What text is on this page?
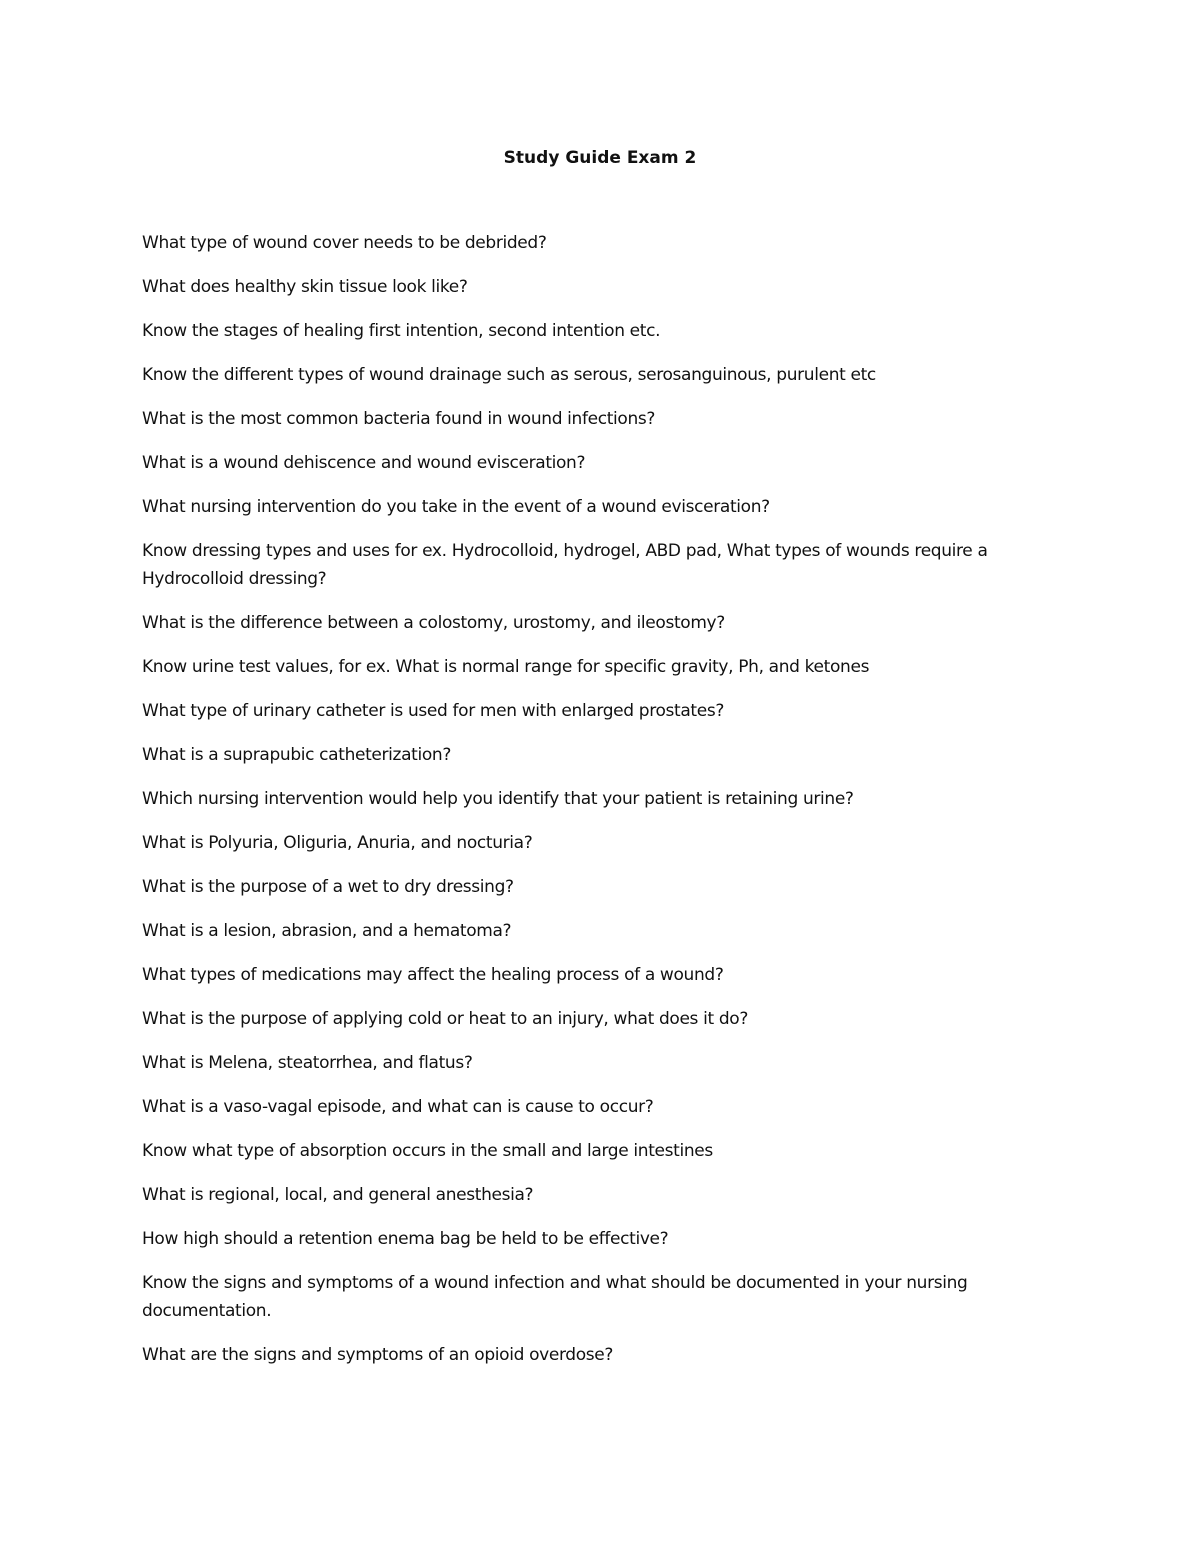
Study Guide Exam 2
What type of wound cover needs to be debrided?
What does healthy skin tissue look like?
Know the stages of healing first intention, second intention etc.
Know the different types of wound drainage such as serous, serosanguinous, purulent etc
What is the most common bacteria found in wound infections?
What is a wound dehiscence and wound evisceration?
What nursing intervention do you take in the event of a wound evisceration?
Know dressing types and uses for ex. Hydrocolloid, hydrogel, ABD pad, What types of wounds require a Hydrocolloid dressing?
What is the difference between a colostomy, urostomy, and ileostomy?
Know urine test values, for ex. What is normal range for specific gravity, Ph, and ketones
What type of urinary catheter is used for men with enlarged prostates?
What is a suprapubic catheterization?
Which nursing intervention would help you identify that your patient is retaining urine?
What is Polyuria, Oliguria, Anuria, and nocturia?
What is the purpose of a wet to dry dressing?
What is a lesion, abrasion, and a hematoma?
What types of medications may affect the healing process of a wound?
What is the purpose of applying cold or heat to an injury, what does it do?
What is Melena, steatorrhea, and flatus?
What is a vaso-vagal episode, and what can is cause to occur?
Know what type of absorption occurs in the small and large intestines
What is regional, local, and general anesthesia?
How high should a retention enema bag be held to be effective?
Know the signs and symptoms of a wound infection and what should be documented in your nursing documentation.
What are the signs and symptoms of an opioid overdose?
